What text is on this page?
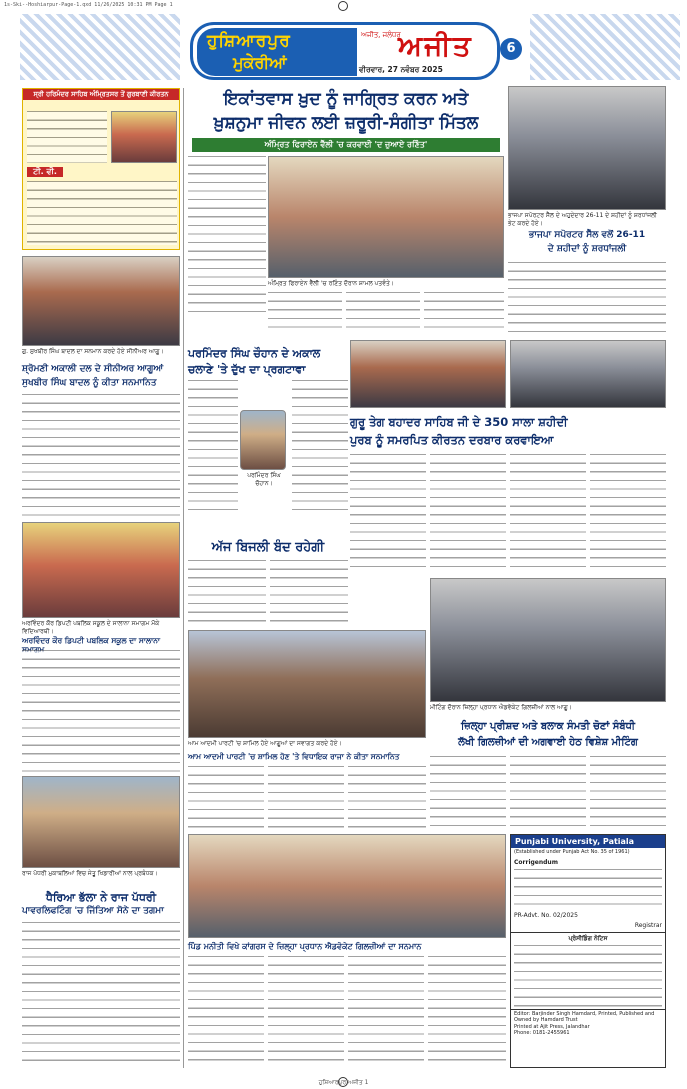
1s-Ski--Hoshiarpur-Page-1.qxd 11/26/2025 10:31 PM Page 1
ਹੁਸ਼ਿਆਰਪੁਰ
ਮੁਕੇਰੀਆਂ
ਅਜੀਤ, ਜਲੰਧਰ
ਅਜੀਤ
ਵੀਰਵਾਰ, 27 ਨਵੰਬਰ 2025
6
ਸ੍ਰੀ ਹਰਿਮੰਦਰ ਸਾਹਿਬ ਅੰਮ੍ਰਿਤਸਰ ਤੋਂ ਗੁਰਬਾਣੀ ਕੀਰਤਨ
ਟੀ. ਵੀ.
ਗੁ. ਸੁਖਬੀਰ ਸਿੰਘ ਬਾਦਲ ਦਾ ਸਨਮਾਨ ਕਰਦੇ ਹੋਏ ਸੀਨੀਅਰ ਆਗੂ।
ਸ਼੍ਰੋਮਣੀ ਅਕਾਲੀ ਦਲ ਦੇ ਸੀਨੀਅਰ ਆਗੂਆਂ
ਸੁਖਬੀਰ ਸਿੰਘ ਬਾਦਲ ਨੂੰ ਕੀਤਾ ਸਨਮਾਨਿਤ
ਅਰਵਿੰਦਰ ਕੌਰ ਡਿਪਟੀ ਪਬਲਿਕ ਸਕੂਲ ਦੇ ਸਾਲਾਨਾ ਸਮਾਗਮ ਮੌਕੇ ਵਿਦਿਆਰਥੀ।
ਅਰਵਿੰਦਰ ਕੌਰ ਡਿਪਟੀ ਪਬਲਿਕ ਸਕੂਲ ਦਾ ਸਾਲਾਨਾ
ਰਾਜ ਪੱਧਰੀ ਮੁਕਾਬਲਿਆਂ ਵਿਚ ਜੇਤੂ ਖਿਡਾਰੀਆਂ ਨਾਲ ਪ੍ਰਬੰਧਕ।
ਧੈਰਿਆ ਭੱਲਾ ਨੇ ਰਾਜ ਪੱਧਰੀ
ਪਾਵਰਲਿਫਟਿੰਗ 'ਚ ਜਿੱਤਿਆ ਸੋਨੇ ਦਾ ਤਗਮਾ
ਇਕਾਂਤਵਾਸ ਖ਼ੁਦ ਨੂੰ ਜਾਗ੍ਰਿਤ ਕਰਨ ਅਤੇ
ਖ਼ੁਸ਼ਨੁਮਾ ਜੀਵਨ ਲਈ ਜ਼ਰੂਰੀ-ਸੰਗੀਤਾ ਮਿੱਤਲ
ਅੰਮ੍ਰਿਤ ਫਿਰਾਏਨ ਵੈੱਲੀ 'ਚ ਕਰਵਾਈ 'ਦ ਜ਼ੁਆਏ ਰਣਿੰਤ'
ਅੰਮ੍ਰਿਤ ਫਿਰਾਏਨ ਵੈੱਲੀ 'ਚ ਰਣਿੰਤ ਦੌਰਾਨ ਸ਼ਾਮਲ ਪਤਵੰਤੇ।
ਭਾਜਪਾ ਸਪੋਰਟਰ ਸੈੱਲ ਦੇ ਅਹੁਦੇਦਾਰ 26-11 ਦੇ ਸ਼ਹੀਦਾਂ ਨੂੰ ਸ਼ਰਧਾਂਜਲੀ ਭੇਟ ਕਰਦੇ ਹੋਏ।
ਭਾਜਪਾ ਸਪੋਰਟਰ ਸੈੱਲ ਵਲੋਂ 26-11
ਦੇ ਸ਼ਹੀਦਾਂ ਨੂੰ ਸ਼ਰਧਾਂਜਲੀ
ਪਰਮਿੰਦਰ ਸਿੰਘ ਚੌਹਾਨ ਦੇ ਅਕਾਲ
ਚਲਾਣੇ 'ਤੇ ਦੁੱਖ ਦਾ ਪ੍ਰਗਟਾਵਾ
ਪਰਮਿੰਦਰ ਸਿੰਘ ਚੌਹਾਨ।
ਗੁਰੂ ਤੇਗ ਬਹਾਦਰ ਸਾਹਿਬ ਜੀ ਦੇ 350 ਸਾਲਾ ਸ਼ਹੀਦੀ
ਪੁਰਬ ਨੂੰ ਸਮਰਪਿਤ ਕੀਰਤਨ ਦਰਬਾਰ ਕਰਵਾਇਆ
ਅੱਜ ਬਿਜਲੀ ਬੰਦ ਰਹੇਗੀ
ਆਮ ਆਦਮੀ ਪਾਰਟੀ 'ਚ ਸ਼ਾਮਿਲ ਹੋਏ ਆਗੂਆਂ ਦਾ ਸਵਾਗਤ ਕਰਦੇ ਹੋਏ।
ਆਮ ਆਦਮੀ ਪਾਰਟੀ 'ਚ ਸ਼ਾਮਿਲ ਹੋਣ 'ਤੇ ਵਿਧਾਇਕ ਰਾਜਾ ਨੇ ਕੀਤਾ ਸਨਮਾਨਿਤ
ਮੀਟਿੰਗ ਦੌਰਾਨ ਜ਼ਿਲ੍ਹਾ ਪ੍ਰਧਾਨ ਐਡਵੋਕੇਟ ਗਿਲਜ਼ੀਆਂ ਨਾਲ ਆਗੂ।
ਜ਼ਿਲ੍ਹਾ ਪ੍ਰੀਸ਼ਦ ਅਤੇ ਬਲਾਕ ਸੰਮਤੀ ਚੋਣਾਂ ਸੰਬੰਧੀ
ਲੱਖੀ ਗਿਲਜ਼ੀਆਂ ਦੀ ਅਗਵਾਈ ਹੇਠ ਵਿਸ਼ੇਸ਼ ਮੀਟਿੰਗ
ਪਿੰਡ ਮਨੀਤੀ ਵਿਖੇ ਕਾਂਗਰਸ ਦੇ ਜ਼ਿਲ੍ਹਾ ਪ੍ਰਧਾਨ ਐਡਵੋਕੇਟ ਗਿਲਜ਼ੀਆਂ ਦਾ ਸਨਮਾਨ
Punjabi University, Patiala
(Established under Punjab Act No. 35 of 1961)
Corrigendum
PR-Advt. No. 02/2025
Registrar
ਪ੍ਰੋਸੀਡਿੰਗ ਨੋਟਿਸ
Editor: Barjinder Singh Hamdard, Printed, Published and Owned by Hamdard Trust
Printed at Ajit Press, Jalandhar
Phone: 0181-2455961
ਹੁਸ਼ਿਆਰਪੁਰ ਅਜੀਤ 1
